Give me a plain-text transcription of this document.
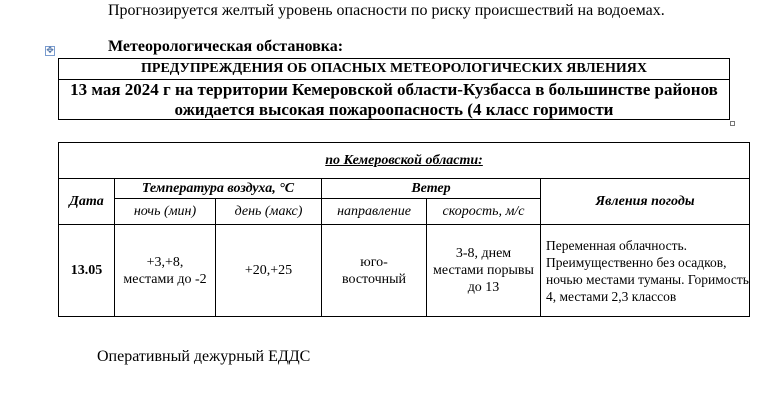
Прогнозируется желтый уровень опасности по риску происшествий на водоемах.
✥	Метеорологическая обстановка:
ПРЕДУПРЕЖДЕНИЯ ОБ ОПАСНЫХ МЕТЕОРОЛОГИЧЕСКИХ ЯВЛЕНИЯХ
13 мая 2024 г на территории Кемеровской области-Кузбасса в большинстве районов ожидается высокая пожароопасность (4 класс горимости
по Кемеровской области:					
Дата	Температура воздуха, °С		Ветер		Явления погоды
	ночь (мин)	день (макс)	направление	скорость, м/с	
13.05	+3,+8, местами до -2	+20,+25	юго-восточный	3-8, днем местами порывы до 13	Переменная облачность. Преимущественно без осадков, ночью местами туманы. Горимость 4, местами 2,3 классов
Оперативный дежурный ЕДДС
